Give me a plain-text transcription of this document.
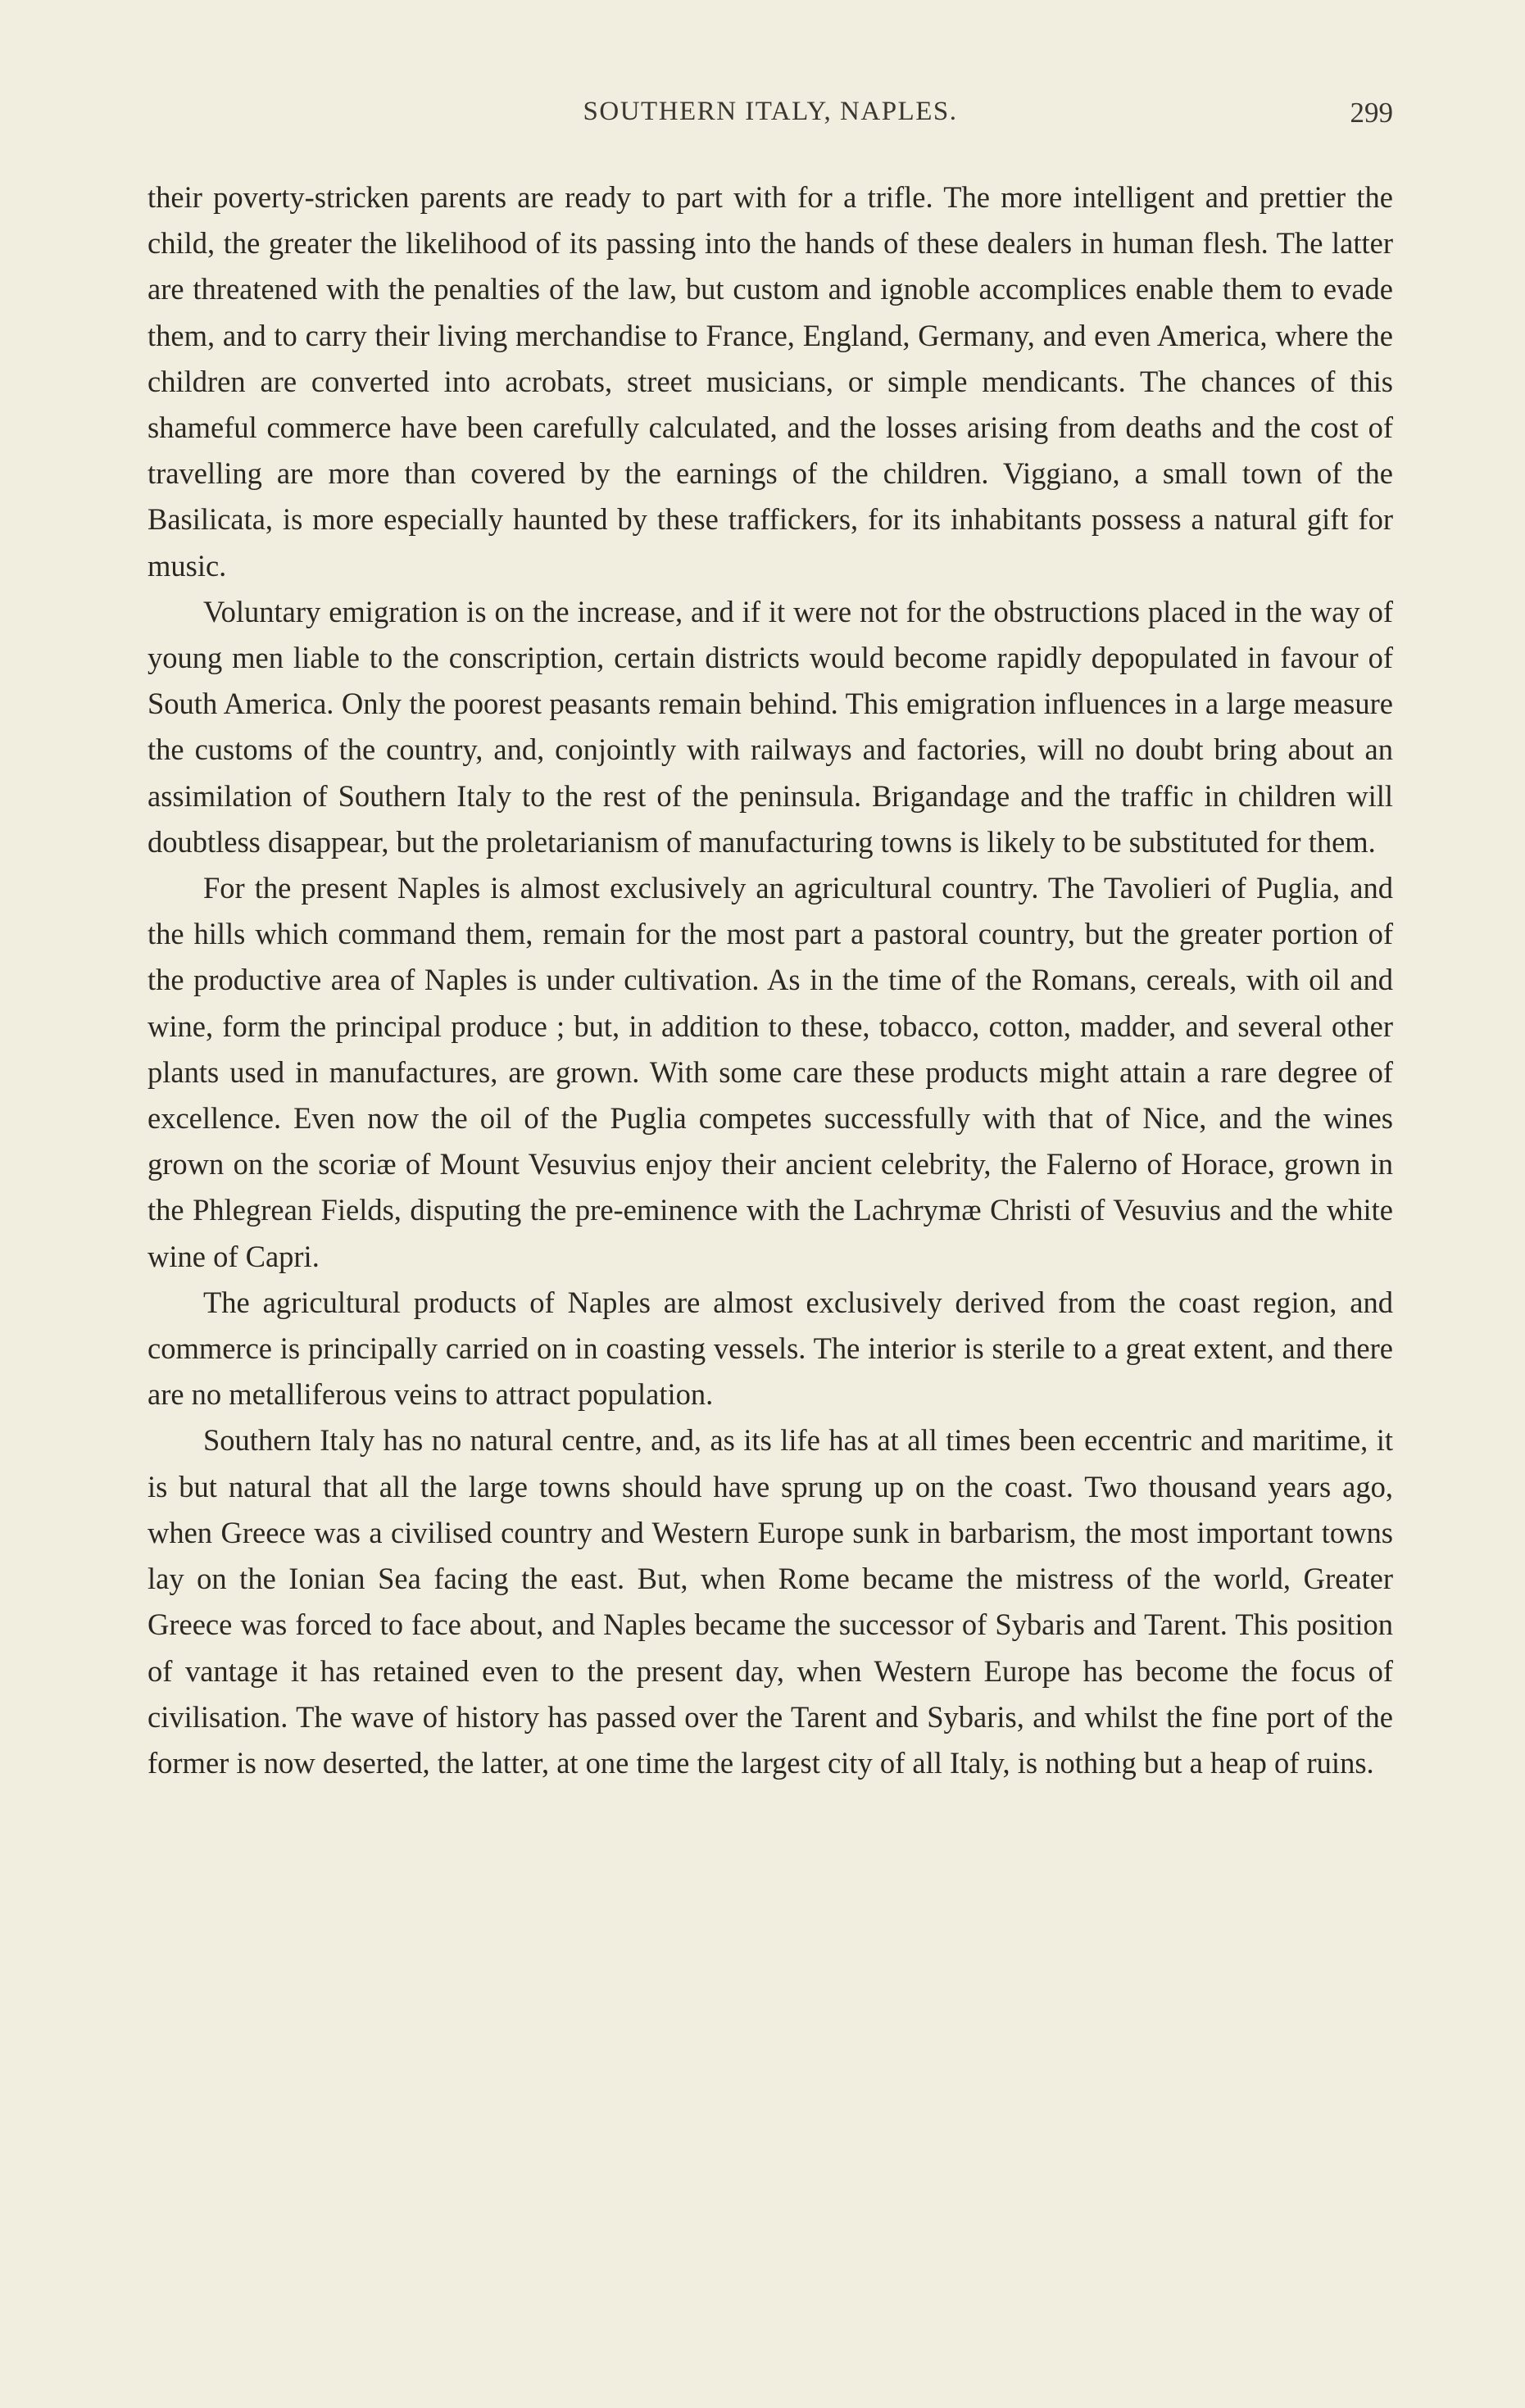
SOUTHERN ITALY, NAPLES.	299

their poverty-stricken parents are ready to part with for a trifle. The more intelligent and prettier the child, the greater the likelihood of its passing into the hands of these dealers in human flesh. The latter are threatened with the penalties of the law, but custom and ignoble accomplices enable them to evade them, and to carry their living merchandise to France, England, Germany, and even America, where the children are converted into acrobats, street musicians, or simple mendicants. The chances of this shameful commerce have been carefully calculated, and the losses arising from deaths and the cost of travelling are more than covered by the earnings of the children. Viggiano, a small town of the Basilicata, is more especially haunted by these traffickers, for its inhabitants possess a natural gift for music.

Voluntary emigration is on the increase, and if it were not for the obstructions placed in the way of young men liable to the conscription, certain districts would become rapidly depopulated in favour of South America. Only the poorest peasants remain behind. This emigration influences in a large measure the customs of the country, and, conjointly with railways and factories, will no doubt bring about an assimilation of Southern Italy to the rest of the peninsula. Brigandage and the traffic in children will doubtless disappear, but the proletarianism of manufacturing towns is likely to be substituted for them.

For the present Naples is almost exclusively an agricultural country. The Tavolieri of Puglia, and the hills which command them, remain for the most part a pastoral country, but the greater portion of the productive area of Naples is under cultivation. As in the time of the Romans, cereals, with oil and wine, form the principal produce ; but, in addition to these, tobacco, cotton, madder, and several other plants used in manufactures, are grown. With some care these products might attain a rare degree of excellence. Even now the oil of the Puglia competes successfully with that of Nice, and the wines grown on the scoriæ of Mount Vesuvius enjoy their ancient celebrity, the Falerno of Horace, grown in the Phlegrean Fields, disputing the pre-eminence with the Lachrymæ Christi of Vesuvius and the white wine of Capri.

The agricultural products of Naples are almost exclusively derived from the coast region, and commerce is principally carried on in coasting vessels. The interior is sterile to a great extent, and there are no metalliferous veins to attract population.

Southern Italy has no natural centre, and, as its life has at all times been eccentric and maritime, it is but natural that all the large towns should have sprung up on the coast. Two thousand years ago, when Greece was a civilised country and Western Europe sunk in barbarism, the most important towns lay on the Ionian Sea facing the east. But, when Rome became the mistress of the world, Greater Greece was forced to face about, and Naples became the successor of Sybaris and Tarent. This position of vantage it has retained even to the present day, when Western Europe has become the focus of civilisation. The wave of history has passed over the Tarent and Sybaris, and whilst the fine port of the former is now deserted, the latter, at one time the largest city of all Italy, is nothing but a heap of ruins.
